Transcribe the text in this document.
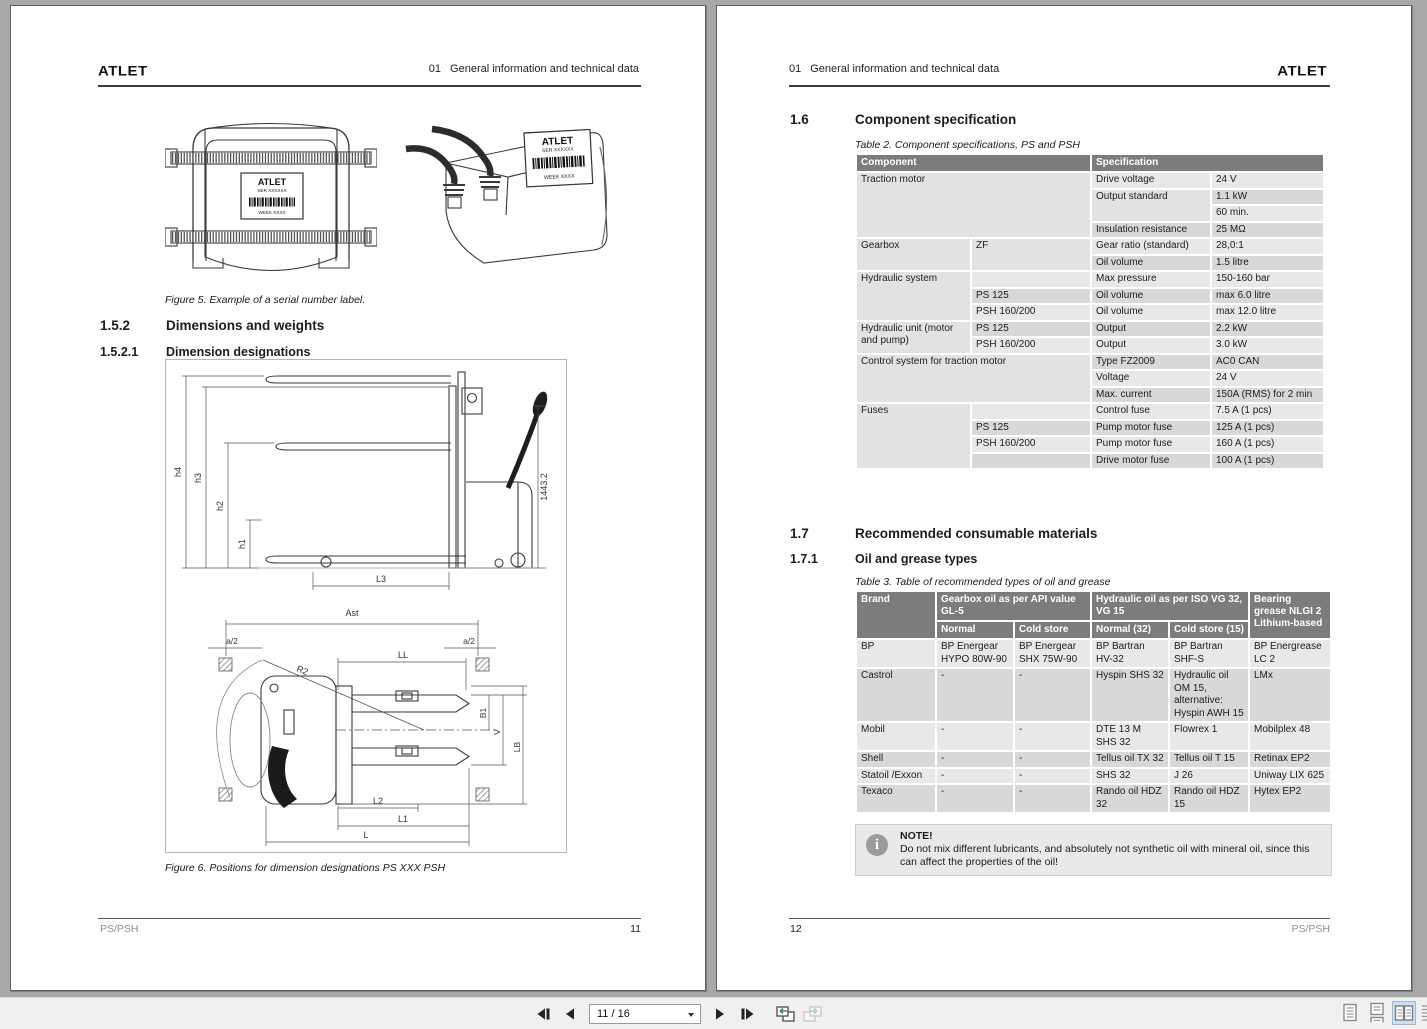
ATLET	01 General information and technical data
ATLET
SER XXXXXX
WEEK XXXX
ATLET
SER XXXXXX
WEEK XXXX
Figure 5. Example of a serial number label.
1.5.2	Dimensions and weights
1.5.2.1 Dimension designations
h4
h3
h2
h1
1443.2
L3
Ast
a/2	a/2
R2
LL
B1
V
LB
L2
L1
L
Figure 6. Positions for dimension designations PS XXX PSH
PS/PSH	11
01 General information and technical data	ATLET
1.6	Component specification
Table 2. Component specifications, PS and PSH
Component		Specification	
Traction motor		Drive voltage	24 V
		Output standard	1.1 kW
			60 min.
		Insulation resistance	25 MΩ
Gearbox	ZF	Gear ratio (standard)	28,0:1
		Oil volume	1.5 litre
Hydraulic system		Max pressure	150-160 bar
	PS 125	Oil volume	max 6.0 litre
	PSH 160/200	Oil volume	max 12.0 litre
Hydraulic unit (motor and pump)	PS 125	Output	2.2 kW
	PSH 160/200	Output	3.0 kW
Control system for traction motor		Type FZ2009	AC0 CAN
		Voltage	24 V
		Max. current	150A (RMS) for 2 min
Fuses		Control fuse	7.5 A (1 pcs)
	PS 125	Pump motor fuse	125 A (1 pcs)
	PSH 160/200	Pump motor fuse	160 A (1 pcs)
		Drive motor fuse	100 A (1 pcs)
1.7	Recommended consumable materials
1.7.1	Oil and grease types
Table 3. Table of recommended types of oil and grease
Brand	Gearbox oil as per API value GL-5		Hydraulic oil as per ISO VG 32, VG 15		Bearing grease NLGI 2 Lithium-based
	Normal	Cold store	Normal (32)	Cold store (15)	
BP	BP Energear HYPO 80W-90	BP Energear SHX 75W-90	BP Bartran HV-32	BP Bartran SHF-S	BP Energrease LC 2
Castrol	-	-	Hyspin SHS 32	Hydraulic oil OM 15, alternative: Hyspin AWH 15	LMx
Mobil	-	-	DTE 13 M SHS 32	Flowrex 1	Mobilplex 48
Shell	-	-	Tellus oil TX 32	Tellus oil T 15	Retinax EP2
Statoil /Exxon	-	-	SHS 32	J 26	Uniway LIX 625
Texaco	-	-	Rando oil HDZ 32	Rando oil HDZ 15	Hytex EP2
i
NOTE!
Do not mix different lubricants, and absolutely not synthetic oil with mineral oil, since this can affect the properties of the oil!
12	PS/PSH
11 / 16
